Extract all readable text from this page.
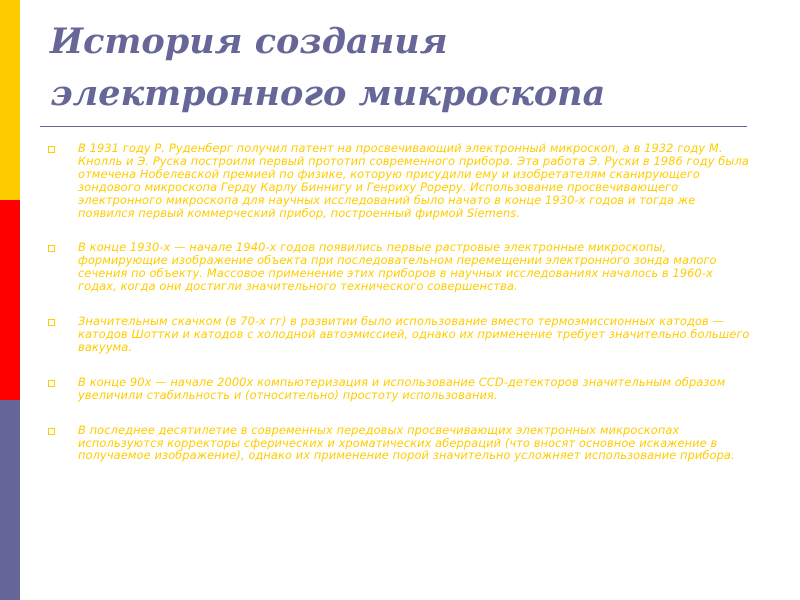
История создания электронного микроскопа
В 1931 году Р. Руденберг получил патент на просвечивающий электронный микроскоп, а в 1932 году М. Кнолль и Э. Руска построили первый прототип современного прибора. Эта работа Э. Руски в 1986 году была отмечена Нобелевской премией по физике, которую присудили ему и изобретателям сканирующего зондового микроскопа Герду Карлу Биннигу и Генриху Рореру. Использование просвечивающего электронного микроскопа для научных исследований было начато в конце 1930-х годов и тогда же появился первый коммерческий прибор, построенный фирмой Siemens.
В конце 1930-х — начале 1940-х годов появились первые растровые электронные микроскопы, формирующие изображение объекта при последовательном перемещении электронного зонда малого сечения по объекту. Массовое применение этих приборов в научных исследованиях началось в 1960-х годах, когда они достигли значительного технического совершенства.
Значительным скачком (в 70-х гг) в развитии было использование вместо термоэмиссионных катодов — катодов Шоттки и катодов с холодной автоэмиссией, однако их применение требует значительно большего вакуума.
В конце 90х — начале 2000х компьютеризация и использование CCD-детекторов значительным образом увеличили стабильность и (относительно) простоту использования.
В последнее десятилетие в современных передовых просвечивающих электронных микроскопах используются корректоры сферических и хроматических аберраций (что вносят основное искажение в получаемое изображение), однако их применение порой значительно усложняет использование прибора.
